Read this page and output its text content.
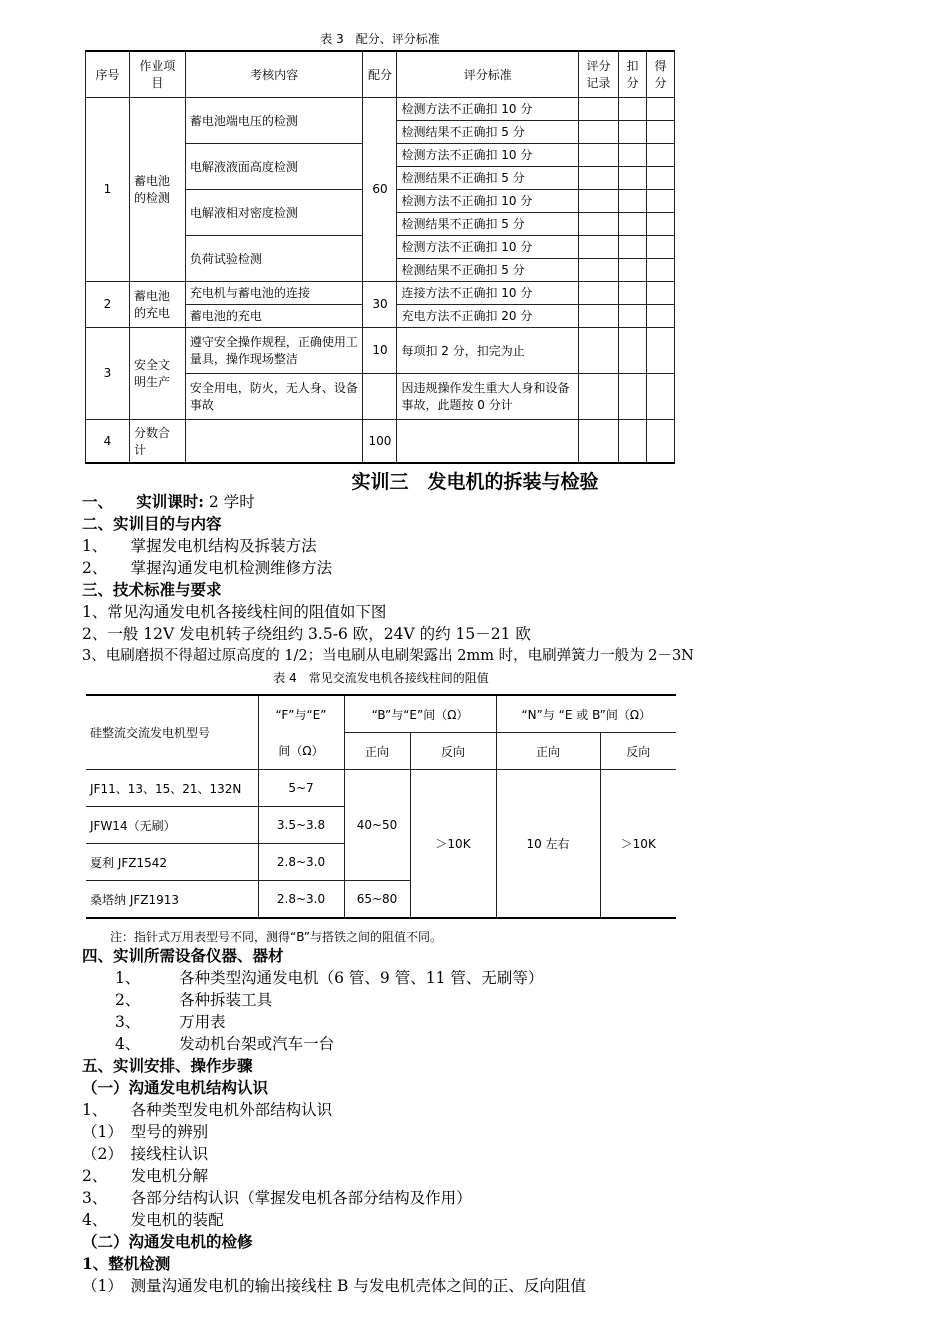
表 3　配分、评分标准
序号	作业项目	考核内容	配分	评分标准	评分记录	扣分	得分
1	蓄电池的检测	蓄电池端电压的检测	60	检测方法不正确扣 10 分			
				检测结果不正确扣 5 分			
		电解液液面高度检测		检测方法不正确扣 10 分			
				检测结果不正确扣 5 分			
		电解液相对密度检测		检测方法不正确扣 10 分			
				检测结果不正确扣 5 分			
		负荷试验检测		检测方法不正确扣 10 分			
				检测结果不正确扣 5 分			
2	蓄电池的充电	充电机与蓄电池的连接	30	连接方法不正确扣 10 分			
		蓄电池的充电		充电方法不正确扣 20 分			
3	安全文明生产	遵守安全操作规程，正确使用工量具，操作现场整洁	10	每项扣 2 分，扣完为止			
		安全用电，防火，无人身、设备事故		因违规操作发生重大人身和设备事故，此题按 0 分计			
4	分数合计		100				
实训三　发电机的拆装与检验
一、　　实训课时: 2 学时
二、实训目的与内容
1、　　掌握发电机结构及拆装方法
2、　　掌握沟通发电机检测维修方法
三、技术标准与要求
1、常见沟通发电机各接线柱间的阻值如下图
2、一般 12V 发电机转子绕组约 3.5-6 欧，24V 的约 15－21 欧
3、电刷磨损不得超过原高度的 1/2；当电刷从电刷架露出 2mm 时，电刷弹簧力一般为 2－3N
表 4　常见交流发电机各接线柱间的阻值
硅整流交流发电机型号	“F”与“E”	“B”与“E”间（Ω）		“N”与 “E 或 B”间（Ω）	
	间（Ω）	正向	反向	正向	反向
JF11、13、15、21、132N	5~7	40~50	＞10K	10 左右	＞10K
JFW14（无刷）	3.5~3.8				
夏利 JFZ1542	2.8~3.0				
桑塔纳 JFZ1913	2.8~3.0	65~80			
注：指针式万用表型号不同，测得“B”与搭铁之间的阻值不同。
四、实训所需设备仪器、器材
1、　　　各种类型沟通发电机（6 管、9 管、11 管、无刷等）
2、　　　各种拆装工具
3、　　　万用表
4、　　　发动机台架或汽车一台
五、实训安排、操作步骤
（一）沟通发电机结构认识
1、　　各种类型发电机外部结构认识
（1）　型号的辨别
（2）　接线柱认识
2、　　发电机分解
3、　　各部分结构认识（掌握发电机各部分结构及作用）
4、　　发电机的装配
（二）沟通发电机的检修
1、整机检测
（1）　测量沟通发电机的输出接线柱 B 与发电机壳体之间的正、反向阻值
